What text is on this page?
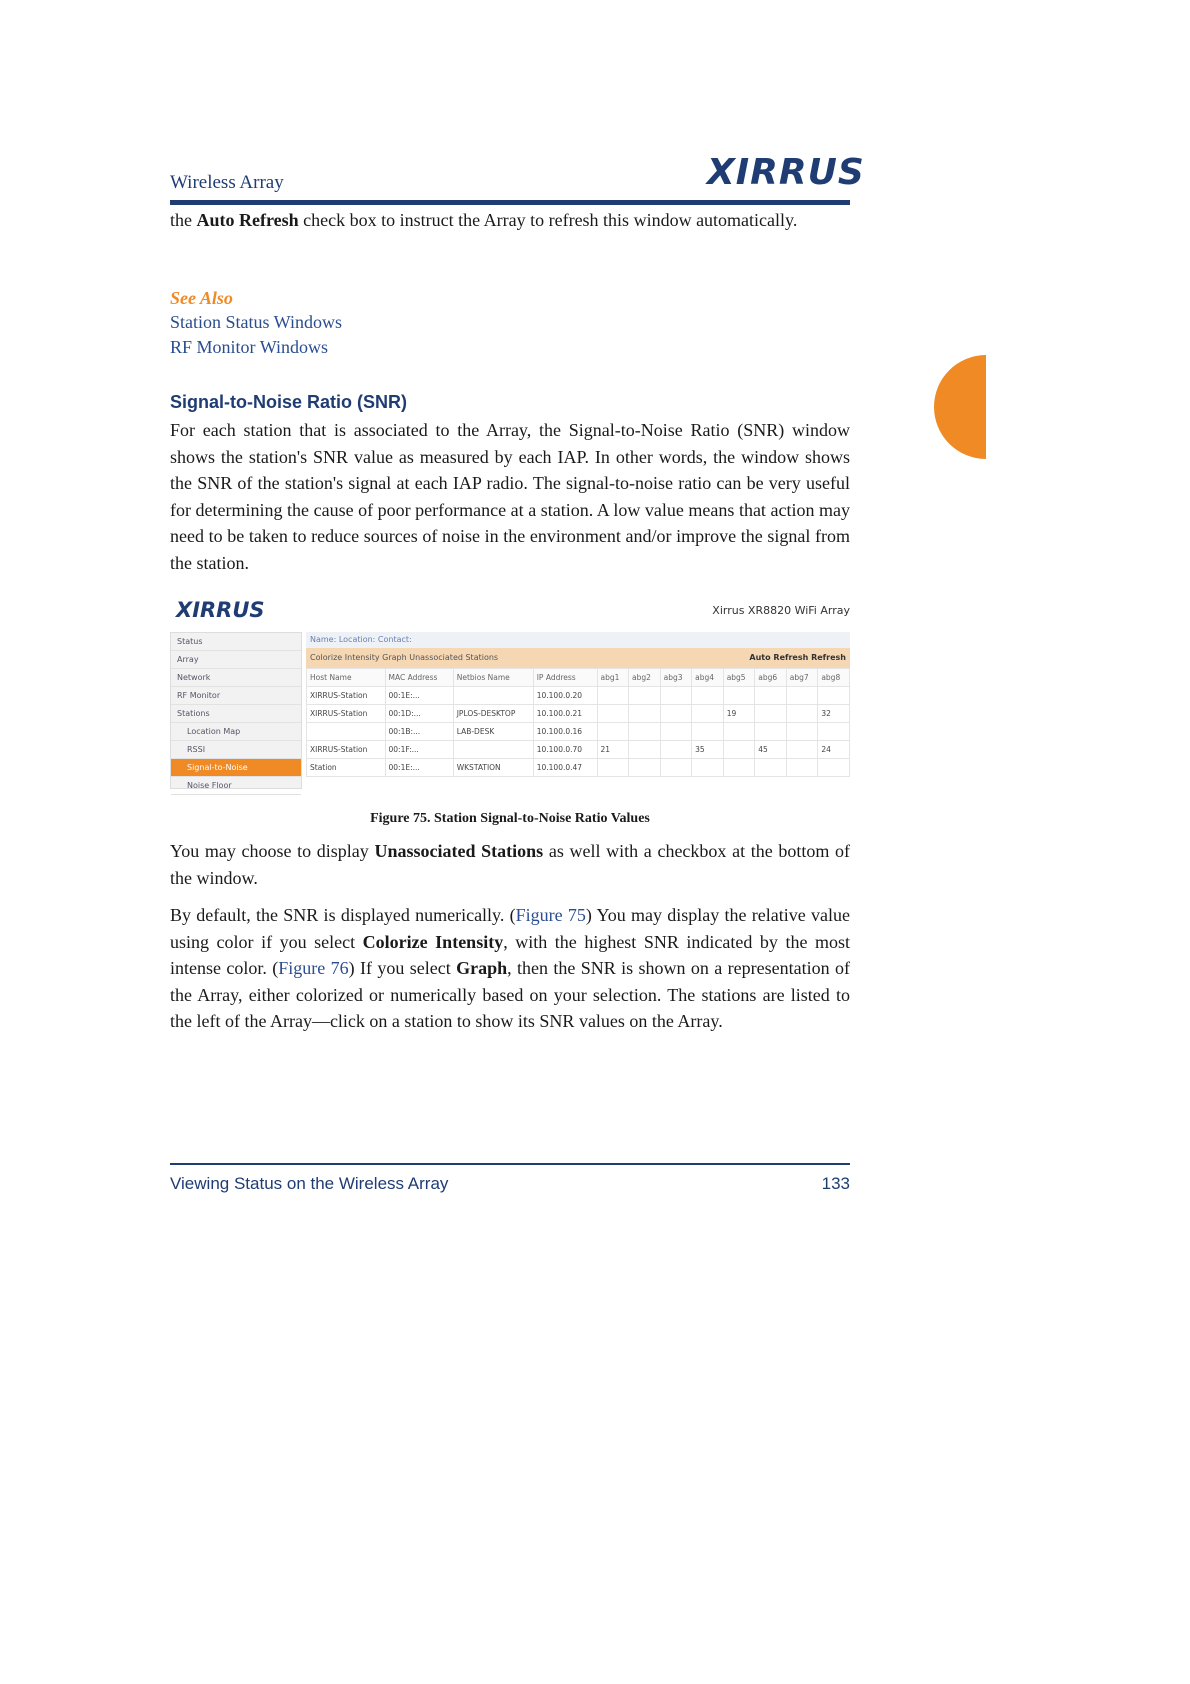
Wireless Array	XIRRUS
the Auto Refresh check box to instruct the Array to refresh this window automatically.
See Also
Station Status Windows
RF Monitor Windows
Signal-to-Noise Ratio (SNR)
For each station that is associated to the Array, the Signal-to-Noise Ratio (SNR) window shows the station's SNR value as measured by each IAP. In other words, the window shows the SNR of the station's signal at each IAP radio. The signal-to-noise ratio can be very useful for determining the cause of poor performance at a station. A low value means that action may need to be taken to reduce sources of noise in the environment and/or improve the signal from the station.
XIRRUS	Xirrus XR8820 WiFi Array
Status
Array
Network
RF Monitor
Stations
Location Map
RSSI
Signal-to-Noise
Noise Floor
Name: Location: Contact:
Colorize Intensity Graph Unassociated Stations	Auto Refresh Refresh
Host Name	MAC Address	Netbios Name	IP Address	abg1	abg2	abg3	abg4	abg5	abg6	abg7	abg8
XIRRUS-Station	00:1E:...		10.100.0.20								
XIRRUS-Station	00:1D:...	JPLOS-DESKTOP	10.100.0.21					19			32
	00:1B:...	LAB-DESK	10.100.0.16								
XIRRUS-Station	00:1F:...		10.100.0.70	21			35		45		24
Station	00:1E:...	WKSTATION	10.100.0.47								
Figure 75. Station Signal-to-Noise Ratio Values
You may choose to display Unassociated Stations as well with a checkbox at the bottom of the window.
By default, the SNR is displayed numerically. (Figure 75) You may display the relative value using color if you select Colorize Intensity, with the highest SNR indicated by the most intense color. (Figure 76) If you select Graph, then the SNR is shown on a representation of the Array, either colorized or numerically based on your selection. The stations are listed to the left of the Array—click on a station to show its SNR values on the Array.
Viewing Status on the Wireless Array	133
